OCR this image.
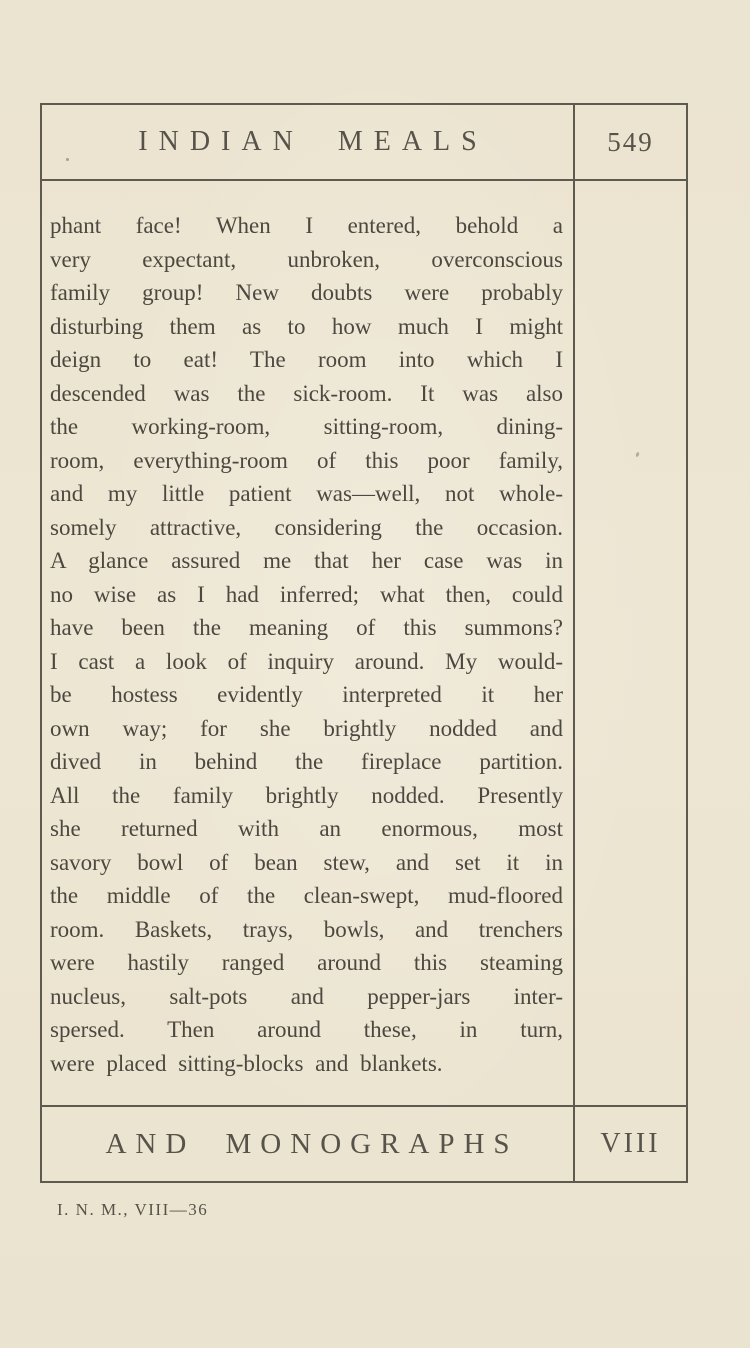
INDIAN MEALS	549
phant face! When I entered, behold a
very expectant, unbroken, overconscious
family group! New doubts were probably
disturbing them as to how much I might
deign to eat! The room into which I
descended was the sick-room. It was also
the working-room, sitting-room, dining-
room, everything-room of this poor family,
and my little patient was—well, not whole-
somely attractive, considering the occasion.
A glance assured me that her case was in
no wise as I had inferred; what then, could
have been the meaning of this summons?
I cast a look of inquiry around. My would-
be hostess evidently interpreted it her
own way; for she brightly nodded and
dived in behind the fireplace partition.
All the family brightly nodded. Presently
she returned with an enormous, most
savory bowl of bean stew, and set it in
the middle of the clean-swept, mud-floored
room. Baskets, trays, bowls, and trenchers
were hastily ranged around this steaming
nucleus, salt-pots and pepper-jars inter-
spersed. Then around these, in turn,
were placed sitting-blocks and blankets.
AND MONOGRAPHS	VIII
I. N. M., VIII—36
